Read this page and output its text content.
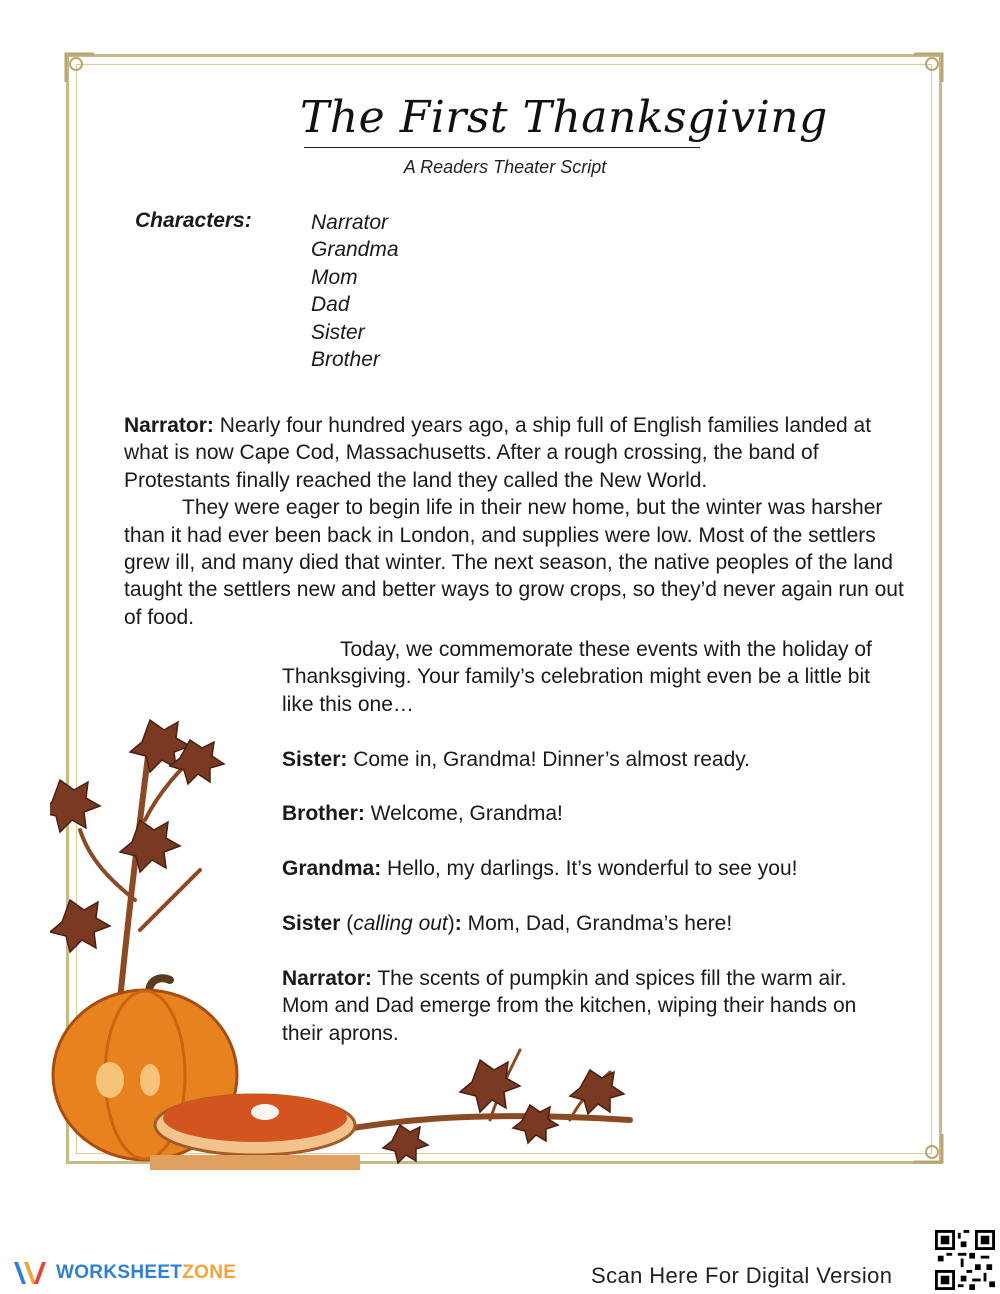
The First Thanksgiving
A Readers Theater Script
Characters:	Narrator
Grandma
Mom
Dad
Sister
Brother

Narrator: Nearly four hundred years ago, a ship full of English families landed at what is now Cape Cod, Massachusetts. After a rough crossing, the band of Protestants finally reached the land they called the New World.

They were eager to begin life in their new home, but the winter was harsher than it had ever been back in London, and supplies were low. Most of the settlers grew ill, and many died that winter. The next season, the native peoples of the land taught the settlers new and better ways to grow crops, so they’d never again run out of food.

Today, we commemorate these events with the holiday of Thanksgiving. Your family’s celebration might even be a little bit like this one…

Sister: Come in, Grandma! Dinner’s almost ready.

Brother: Welcome, Grandma!

Grandma: Hello, my darlings. It’s wonderful to see you!

Sister (calling out): Mom, Dad, Grandma’s here!

Narrator: The scents of pumpkin and spices fill the warm air. Mom and Dad emerge from the kitchen, wiping their hands on their aprons.

WORKSHEETZONE	Scan Here For Digital Version
